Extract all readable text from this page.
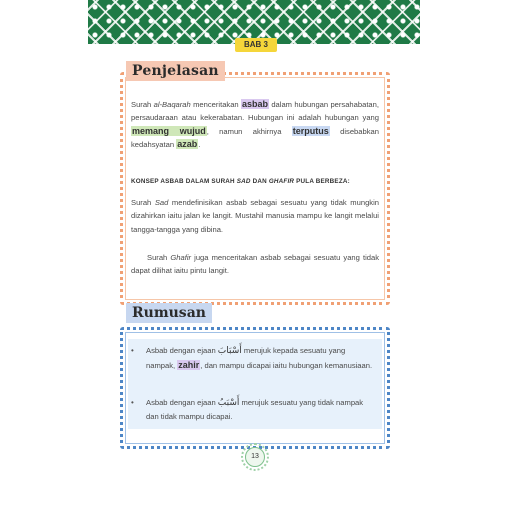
BAB 3
Penjelasan
Surah al-Baqarah menceritakan asbab dalam hubungan persahabatan, persaudaraan atau kekerabatan. Hubungan ini adalah hubungan yang memang wujud, namun akhirnya terputus disebabkan kedahsyatan azab.
KONSEP ASBAB DALAM SURAH SAD DAN GHAFIR PULA BERBEZA:
Surah Sad mendefinisikan asbab sebagai sesuatu yang tidak mungkin dizahirkan iaitu jalan ke langit. Mustahil manusia mampu ke langit melalui tangga-tangga yang dibina.
Surah Ghafir juga menceritakan asbab sebagai sesuatu yang tidak dapat dilihat iaitu pintu langit.
Rumusan
• Asbab dengan ejaan أَسْبَابَ merujuk kepada sesuatu yang nampak, zahir, dan mampu dicapai iaitu hubungan kemanusiaan.
• Asbab dengan ejaan أَسْبَبُ merujuk sesuatu yang tidak nampak dan tidak mampu dicapai.
13
